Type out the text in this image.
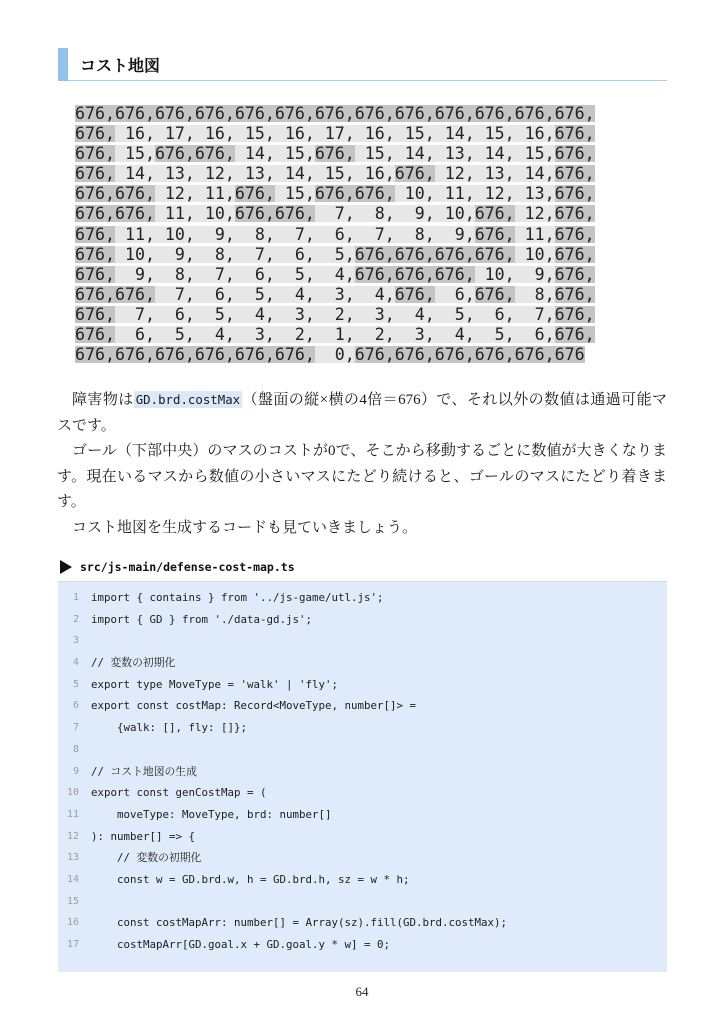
コスト地図
676, 676, 676, 676, 676, 676, 676, 676, 676, 676, 676, 676, 676,
676, 16, 17, 16, 15, 16, 17, 16, 15, 14, 15, 16, 676,
676, 15, 676, 676, 14, 15, 676, 15, 14, 13, 14, 15, 676,
676, 14, 13, 12, 13, 14, 15, 16, 676, 12, 13, 14, 676,
676, 676, 12, 11, 676, 15, 676, 676, 10, 11, 12, 13, 676,
676, 676, 11, 10, 676, 676, 7, 8, 9, 10, 676, 12, 676,
676, 11, 10, 9, 8, 7, 6, 7, 8, 9, 676, 11, 676,
676, 10, 9, 8, 7, 6, 5, 676, 676, 676, 676, 10, 676,
676, 9, 8, 7, 6, 5, 4, 676, 676, 676, 10, 9, 676,
676, 676, 7, 6, 5, 4, 3, 4, 676, 6, 676, 8, 676,
676, 7, 6, 5, 4, 3, 2, 3, 4, 5, 6, 7, 676,
676, 6, 5, 4, 3, 2, 1, 2, 3, 4, 5, 6, 676,
676, 676, 676, 676, 676, 676, 0, 676, 676, 676, 676, 676, 676

障害物は GD.brd.costMax （盤面の縦×横の4倍＝676）で、それ以外の数値は通過可能マスです。

ゴール（下部中央）のマスのコストが0で、そこから移動するごとに数値が大きくなります。現在いるマスから数値の小さいマスにたどり続けると、ゴールのマスにたどり着きます。

コスト地図を生成するコードも見ていきましょう。

src/js-main/defense-cost-map.ts
1 import { contains } from '../js-game/utl.js';
2 import { GD } from './data-gd.js';
3
4 // 変数の初期化
5 export type MoveType = 'walk' | 'fly';
6 export const costMap: Record<MoveType, number[]> =
7 {walk: [], fly: []};
8
9 // コスト地図の生成
10 export const genCostMap = (
11 moveType: MoveType, brd: number[]
12 ): number[] => {
13 // 変数の初期化
14 const w = GD.brd.w, h = GD.brd.h, sz = w * h;
15
16 const costMapArr: number[] = Array(sz).fill(GD.brd.costMax);
17 costMapArr[GD.goal.x + GD.goal.y * w] = 0;
64
